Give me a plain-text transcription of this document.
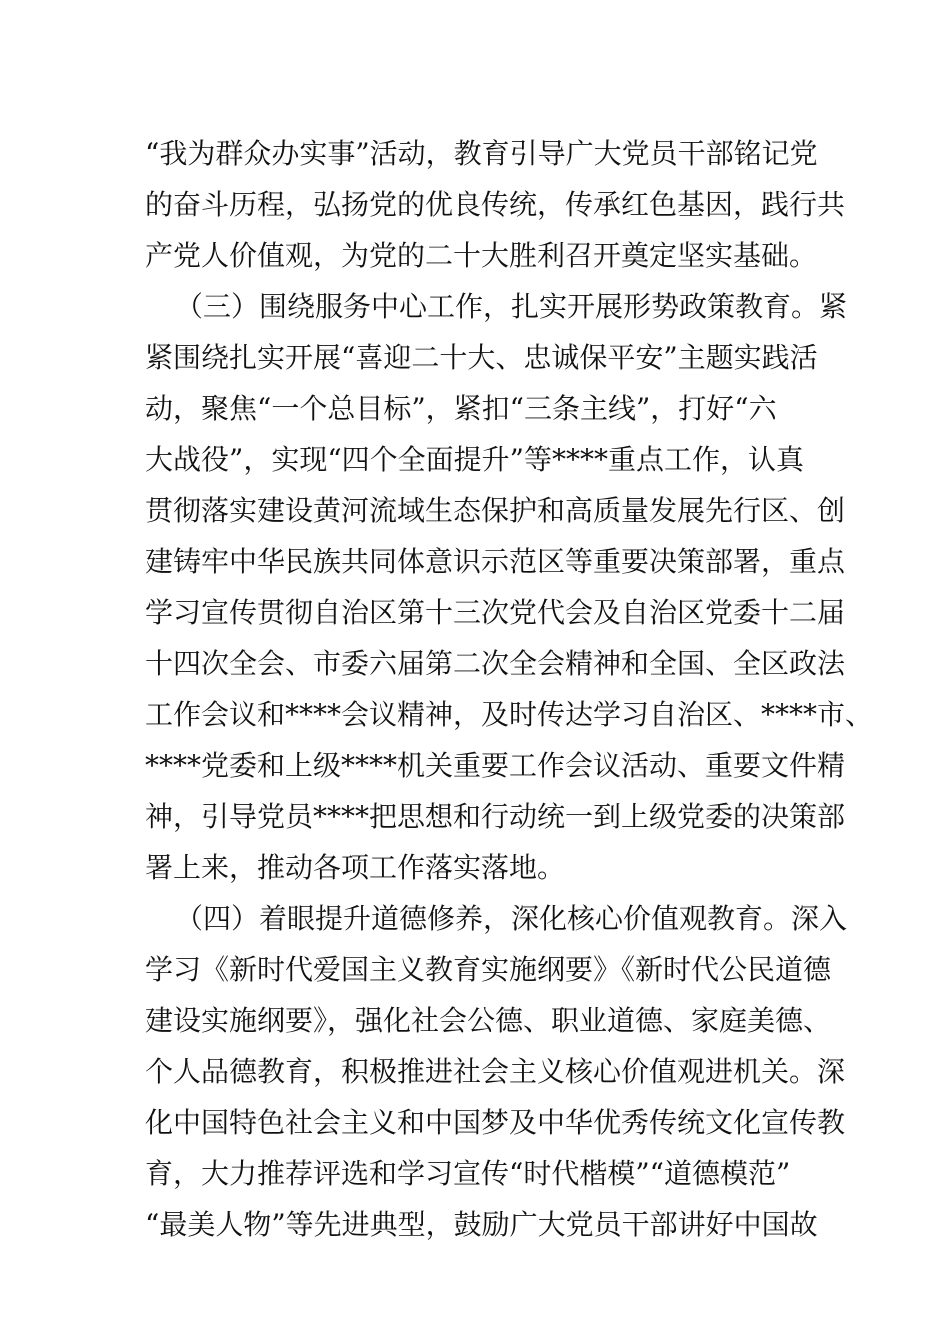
“我为群众办实事”活动，教育引导广大党员干部铭记党
的奋斗历程，弘扬党的优良传统，传承红色基因，践行共
产党人价值观，为党的二十大胜利召开奠定坚实基础。
（三）围绕服务中心工作，扎实开展形势政策教育。紧
紧围绕扎实开展“喜迎二十大、忠诚保平安”主题实践活
动，聚焦“一个总目标”，紧扣“三条主线”，打好“六
大战役”，实现“四个全面提升”等****重点工作，认真
贯彻落实建设黄河流域生态保护和高质量发展先行区、创
建铸牢中华民族共同体意识示范区等重要决策部署，重点
学习宣传贯彻自治区第十三次党代会及自治区党委十二届
十四次全会、市委六届第二次全会精神和全国、全区政法
工作会议和****会议精神，及时传达学习自治区、****市、
****党委和上级****机关重要工作会议活动、重要文件精
神，引导党员****把思想和行动统一到上级党委的决策部
署上来，推动各项工作落实落地。
（四）着眼提升道德修养，深化核心价值观教育。深入
学习《新时代爱国主义教育实施纲要》《新时代公民道德
建设实施纲要》，强化社会公德、职业道德、家庭美德、
个人品德教育，积极推进社会主义核心价值观进机关。深
化中国特色社会主义和中国梦及中华优秀传统文化宣传教
育，大力推荐评选和学习宣传“时代楷模”“道德模范”
“最美人物”等先进典型，鼓励广大党员干部讲好中国故
